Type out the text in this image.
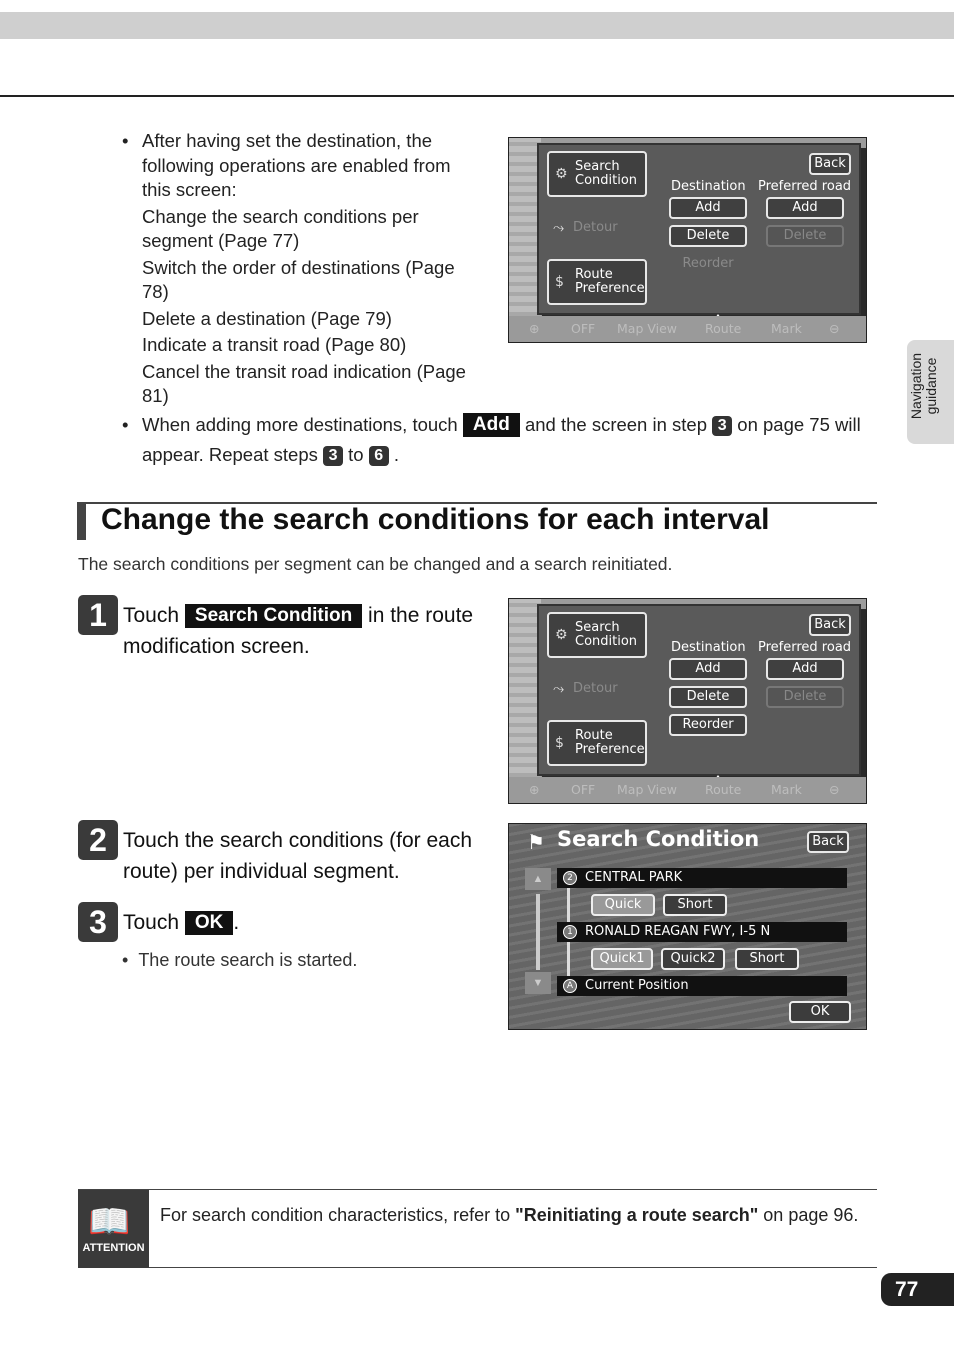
Navigation guidance
• After having set the destination, the following operations are enabled from this screen:
Change the search conditions per segment (Page 77)
Switch the order of destinations (Page 78)
Delete a destination (Page 79)
Indicate a transit road (Page 80)
Cancel the transit road indication (Page 81)
• When adding more destinations, touch Add and the screen in step 3 on page 75 will appear. Repeat steps 3 to 6 .
Back
⚙ Search Condition
⤳ Detour
$ Route Preference
Destination Preferred road
Add
Delete
Reorder
Add
Delete
⊕	OFF Map View Route Mark ⊖
Change the search conditions for each interval
The search conditions per segment can be changed and a search reinitiated.
1 Touch Search Condition in the route modification screen.
Back
⚙ Search Condition
⤳ Detour
$ Route Preference
Destination Preferred road
Add
Delete
Reorder
Add
Delete
⊕	OFF Map View Route Mark ⊖
2 Touch the search conditions (for each route) per individual segment.
3 Touch OK .
•  The route search is started.
⚑ Search Condition	Back
▲
▼
2 CENTRAL PARK
Quick	Short
1 RONALD REAGAN FWY, I-5 N
Quick1	Quick2	Short
A Current Position
OK
📖
ATTENTION
For search condition characteristics, refer to "Reinitiating a route search" on page 96.
77
